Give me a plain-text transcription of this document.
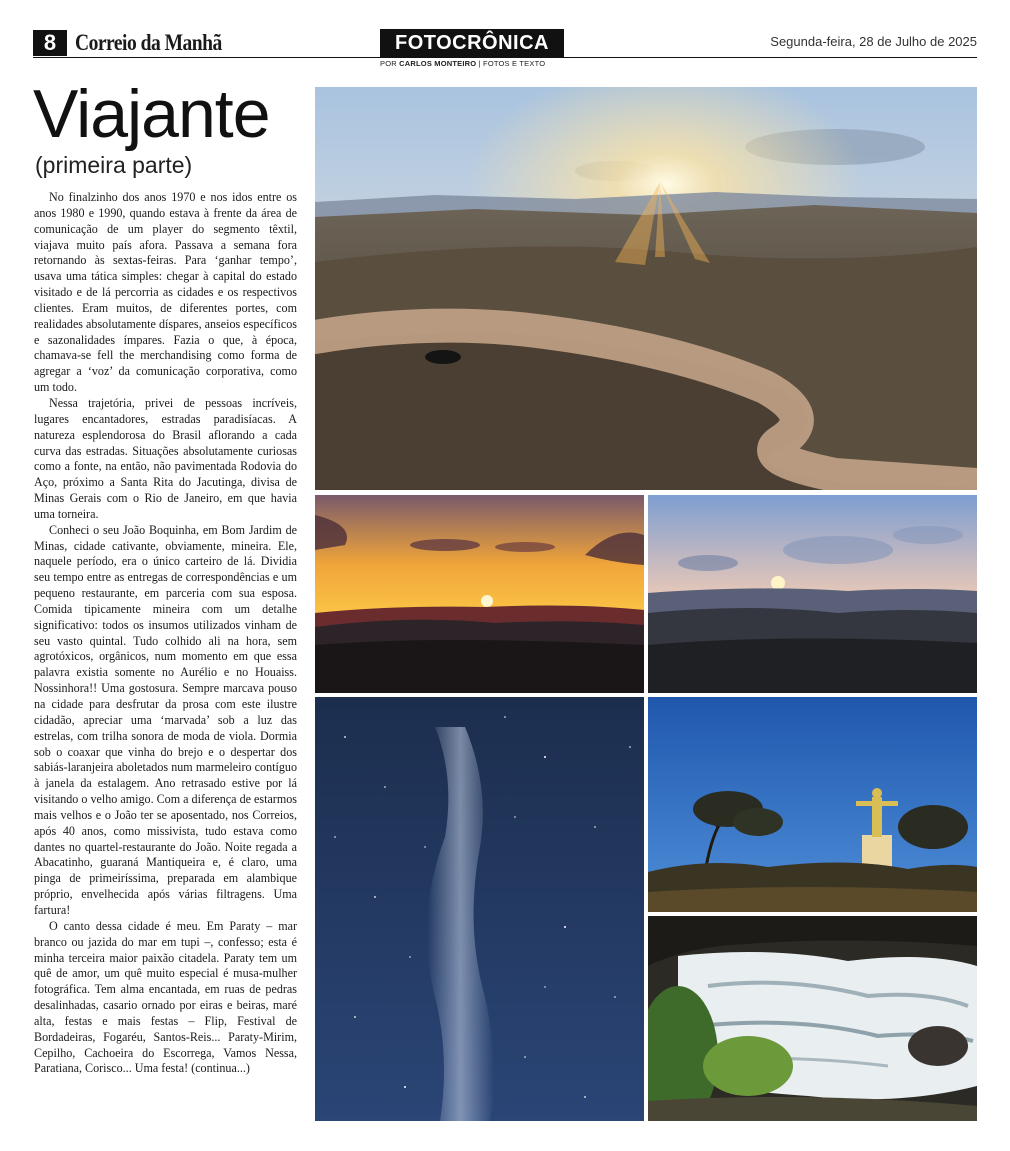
8 Correio da Manhã	FOTOCRÔNICA
POR CARLOS MONTEIRO | FOTOS E TEXTO
Segunda-feira, 28 de Julho de 2025
Viajante
(primeira parte)

No finalzinho dos anos 1970 e nos idos entre os anos 1980 e 1990, quando estava à frente da área de comunicação de um player do segmento têxtil, viajava muito país afora. Passava a semana fora retornando às sextas-feiras. Para ‘ganhar tempo’, usava uma tática simples: chegar à capital do estado visitado e de lá percorria as cidades e os respectivos clientes. Eram muitos, de diferentes portes, com realidades absolutamente díspares, anseios específicos e sazonalidades ímpares. Fazia o que, à época, chamava-se fell the merchandising como forma de agregar a ‘voz’ da comunicação corporativa, como um todo.

Nessa trajetória, privei de pessoas incríveis, lugares encantadores, estradas paradisíacas. A natureza esplendorosa do Brasil aflorando a cada curva das estradas. Situações absolutamente curiosas como a fonte, na então, não pavimentada Rodovia do Aço, próximo a Santa Rita do Jacutinga, divisa de Minas Gerais com o Rio de Janeiro, em que havia uma torneira.

Conheci o seu João Boquinha, em Bom Jardim de Minas, cidade cativante, obviamente, mineira. Ele, naquele período, era o único carteiro de lá. Dividia seu tempo entre as entregas de correspondências e um pequeno restaurante, em parceria com sua esposa. Comida tipicamente mineira com um detalhe significativo: todos os insumos utilizados vinham de seu vasto quintal. Tudo colhido ali na hora, sem agrotóxicos, orgânicos, num momento em que essa palavra existia somente no Aurélio e no Houaiss. Nossinhora!! Uma gostosura. Sempre marcava pouso na cidade para desfrutar da prosa com este ilustre cidadão, apreciar uma ‘marvada’ sob a luz das estrelas, com trilha sonora de moda de viola. Dormia sob o coaxar que vinha do brejo e o despertar dos sabiás-laranjeira aboletados num marmeleiro contíguo à janela da estalagem. Ano retrasado estive por lá visitando o velho amigo. Com a diferença de estarmos mais velhos e o João ter se aposentado, nos Correios, após 40 anos, como missivista, tudo estava como dantes no quartel-restaurante do João. Noite regada a Abacatinho, guaraná Mantiqueira e, é claro, uma pinga de primeiríssima, preparada em alambique próprio, envelhecida após várias filtragens. Uma fartura!

O canto dessa cidade é meu. Em Paraty – mar branco ou jazida do mar em tupi –, confesso; esta é minha terceira maior paixão citadela. Paraty tem um quê de amor, um quê muito especial é musa-mulher fotográfica. Tem alma encantada, em ruas de pedras desalinhadas, casario ornado por eiras e beiras, maré alta, festas e mais festas – Flip, Festival de Bordadeiras, Fogaréu, Santos-Reis... Paraty-Mirim, Cepilho, Cachoeira do Escorrega, Vamos Nessa, Paratiana, Corisco... Uma festa! (continua...)
